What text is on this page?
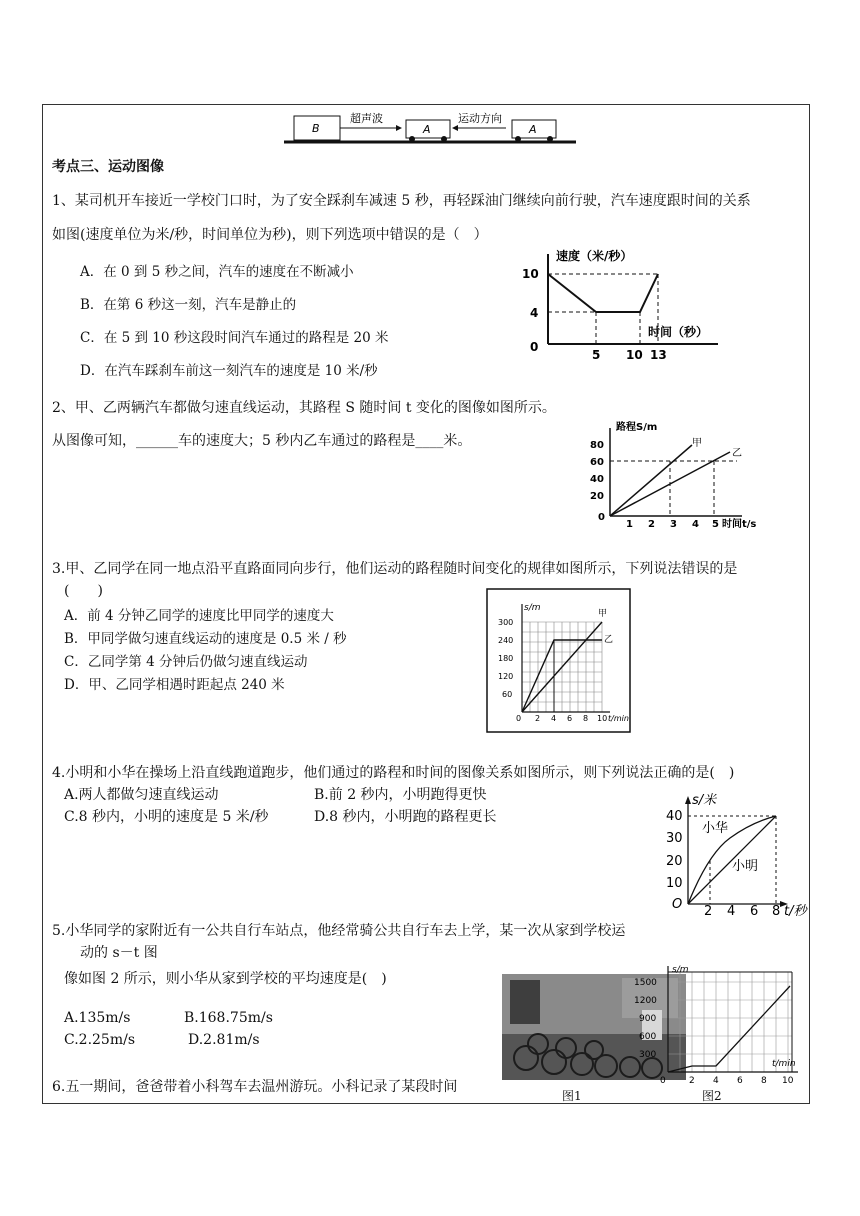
B
超声波
A
运动方向
A
考点三、运动图像
1、某司机开车接近一学校门口时，为了安全踩刹车减速 5 秒，再轻踩油门继续向前行驶，汽车速度跟时间的关系
如图(速度单位为米/秒，时间单位为秒)，则下列选项中错误的是（　）
A．在 0 到 5 秒之间，汽车的速度在不断减小
B．在第 6 秒这一刻，汽车是静止的
C．在 5 到 10 秒这段时间汽车通过的路程是 20 米
D．在汽车踩刹车前这一刻汽车的速度是 10 米/秒
速度（米/秒）
0
10
4
时间（秒）
5 10 13
2、甲、乙两辆汽车都做匀速直线运动，其路程 S 随时间 t 变化的图像如图所示。
从图像可知，______车的速度大；5 秒内乙车通过的路程是____米。
路程S/m
80
60
40
20
0
1 2 3 4 5 时间t/s
甲
乙
3.甲、乙同学在同一地点沿平直路面同向步行，他们运动的路程随时间变化的规律如图所示，下列说法错误的是
(　　)
A．前 4 分钟乙同学的速度比甲同学的速度大
B．甲同学做匀速直线运动的速度是 0.5 米 / 秒
C．乙同学第 4 分钟后仍做匀速直线运动
D．甲、乙同学相遇时距起点 240 米
s/m
300
240
180
120
60
0 2 4 6 8 10 t/min
甲
乙
4.小明和小华在操场上沿直线跑道跑步，他们通过的路程和时间的图像关系如图所示，则下列说法正确的是(　)
A.两人都做匀速直线运动	B.前 2 秒内，小明跑得更快
C.8 秒内，小明的速度是 5 米/秒	D.8 秒内，小明跑的路程更长
s/米
40
30
20
10
O 2 4 6 8 t/秒
小华
小明
5.小华同学的家附近有一公共自行车站点，他经常骑公共自行车去上学，某一次从家到学校运
动的 s－t 图
像如图 2 所示，则小华从家到学校的平均速度是(　)
A.135m/s	B.168.75m/s
C.2.25m/s	D.2.81m/s
图1
s/m
1500
1200
900
600
300
0	2 4 6 8 10
t/min
图2
6.五一期间，爸爸带着小科驾车去温州游玩。小科记录了某段时间
